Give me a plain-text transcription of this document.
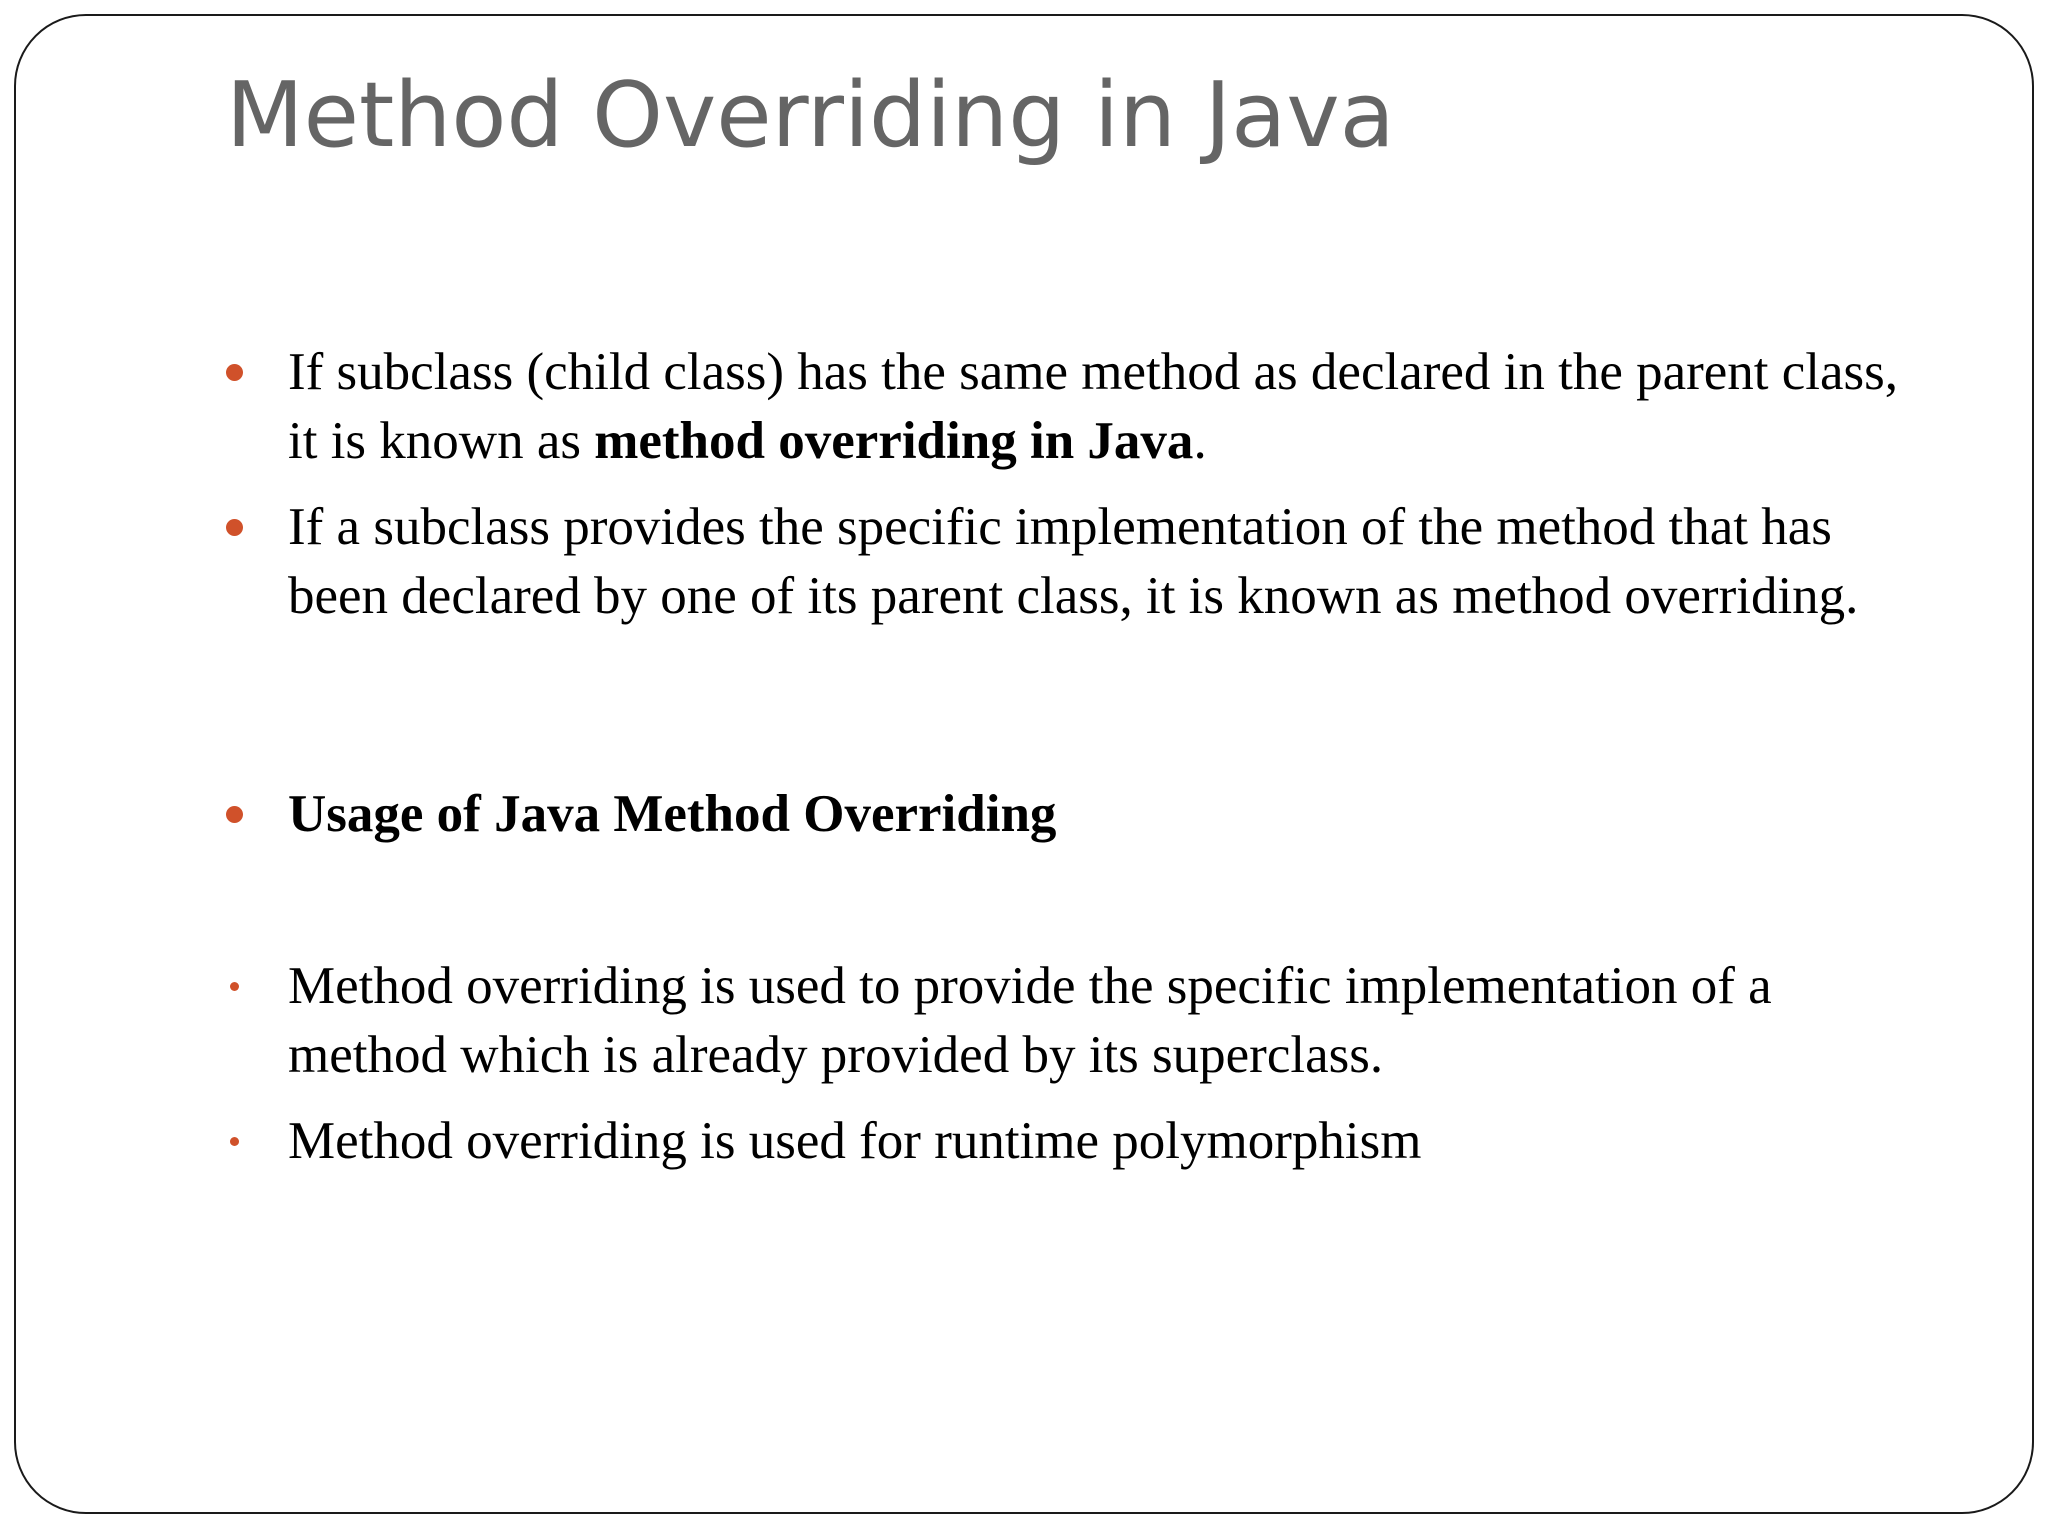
Method Overriding in Java
If subclass (child class) has the same method as declared in the parent class, it is known as method overriding in Java.
If a subclass provides the specific implementation of the method that has been declared by one of its parent class, it is known as method overriding.
Usage of Java Method Overriding
Method overriding is used to provide the specific implementation of a method which is already provided by its superclass.
Method overriding is used for runtime polymorphism
